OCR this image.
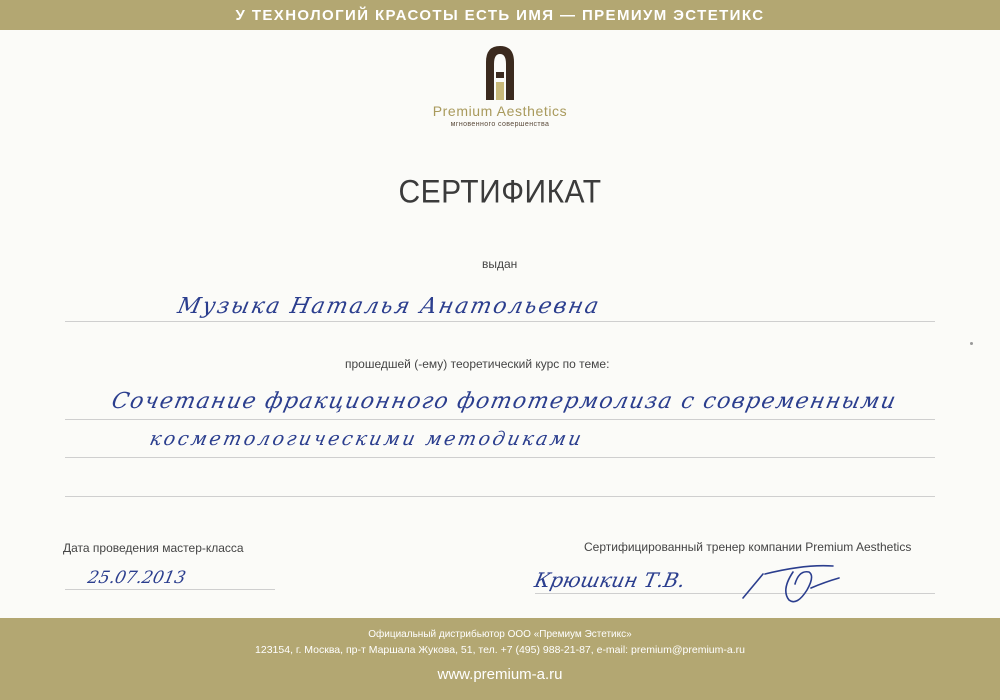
У ТЕХНОЛОГИЙ КРАСОТЫ ЕСТЬ ИМЯ — ПРЕМИУМ ЭСТЕТИКС
Premium Aesthetics
мгновенного совершенства
СЕРТИФИКАТ
выдан
Музыка Наталья Анатольевна
прошедшей (-ему) теоретический курс по теме:
Сочетание фракционного фототермолиза с современными
косметологическими методиками
Дата проведения мастер-класса
25.07.2013
Сертифицированный тренер компании Premium Aesthetics
Крюшкин Т.В.
Официальный дистрибьютор ООО «Премиум Эстетикс»
123154, г. Москва, пр-т Маршала Жукова, 51, тел. +7 (495) 988-21-87, e-mail: premium@premium-a.ru
www.premium-a.ru
